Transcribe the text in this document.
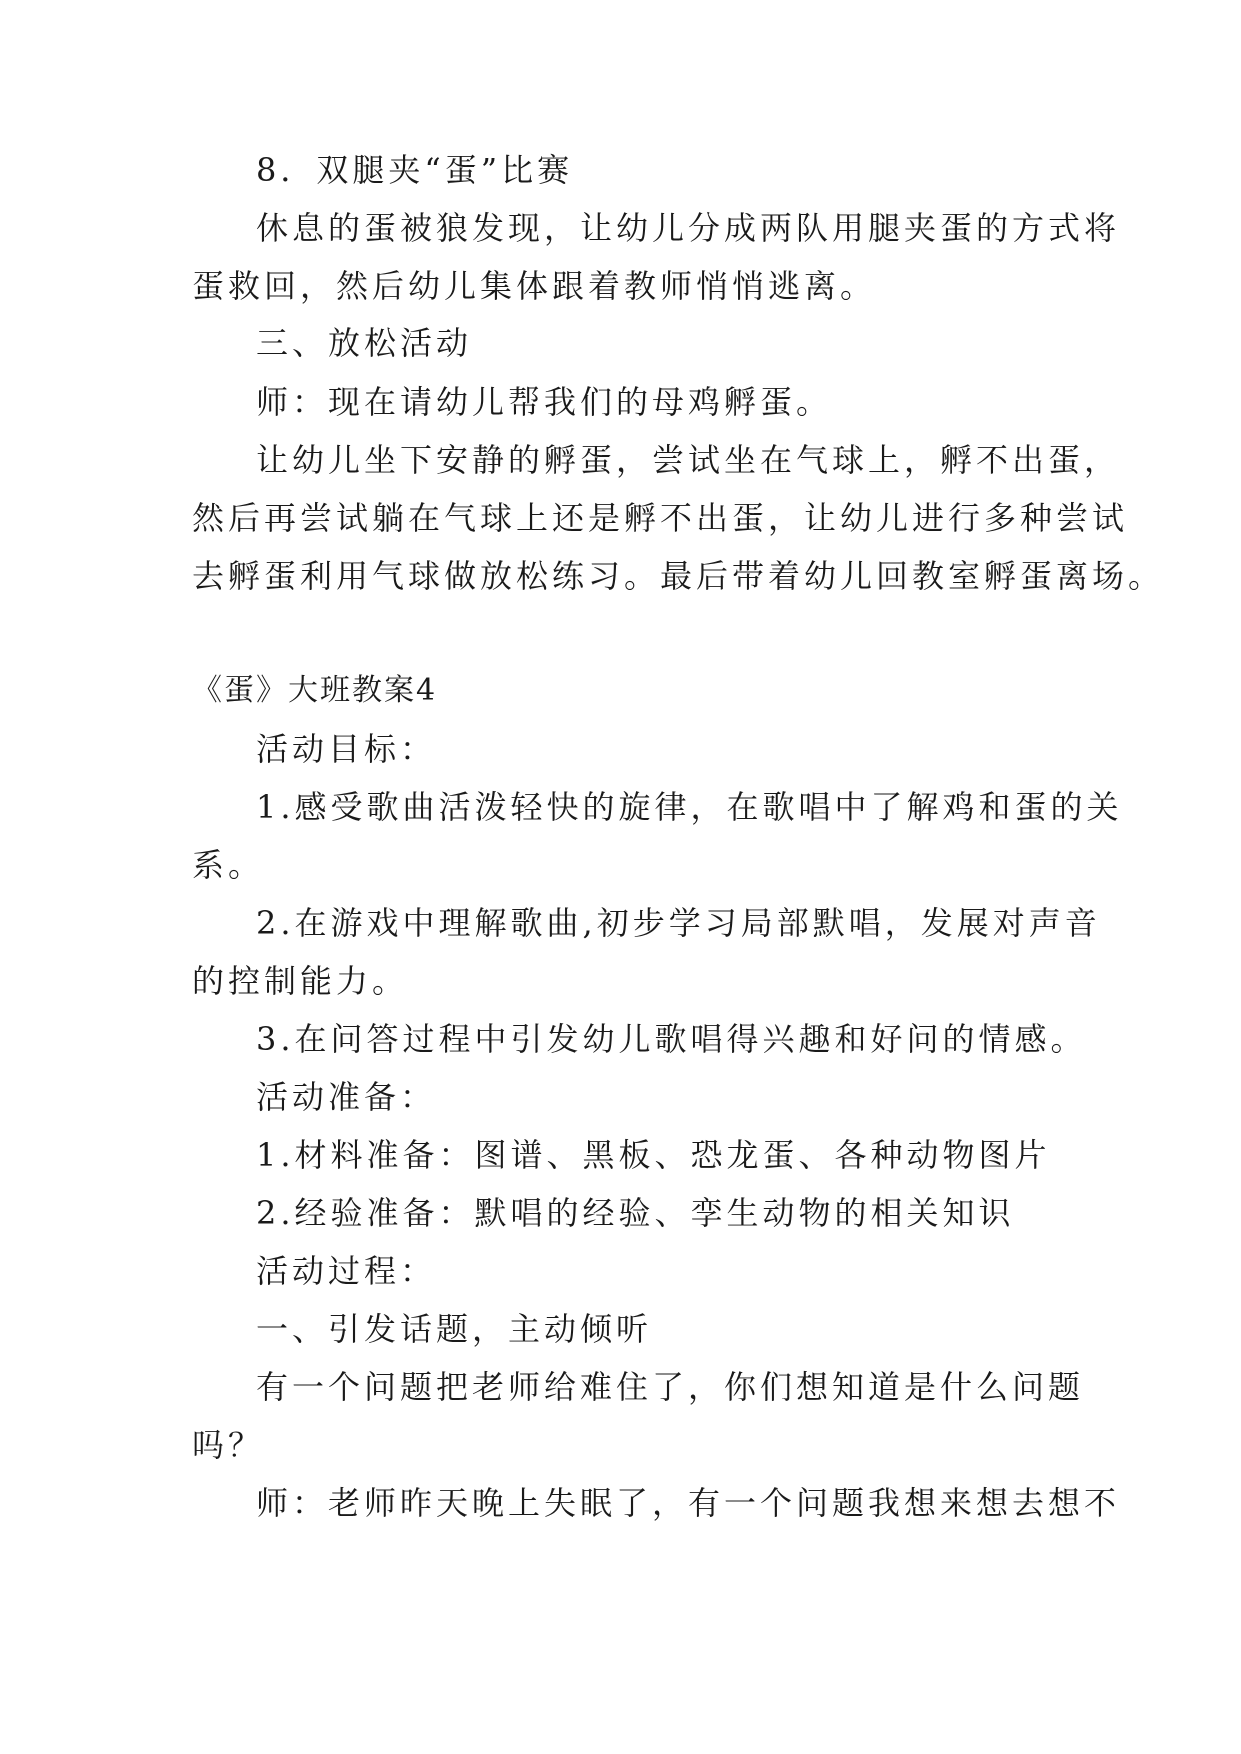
8．双腿夹“蛋”比赛
休息的蛋被狼发现，让幼儿分成两队用腿夹蛋的方式将
蛋救回，然后幼儿集体跟着教师悄悄逃离。
三、放松活动
师：现在请幼儿帮我们的母鸡孵蛋。
让幼儿坐下安静的孵蛋，尝试坐在气球上，孵不出蛋，
然后再尝试躺在气球上还是孵不出蛋，让幼儿进行多种尝试
去孵蛋利用气球做放松练习。最后带着幼儿回教室孵蛋离场。
《蛋》大班教案4
活动目标：
1.感受歌曲活泼轻快的旋律，在歌唱中了解鸡和蛋的关
系。
2.在游戏中理解歌曲,初步学习局部默唱，发展对声音
的控制能力。
3.在问答过程中引发幼儿歌唱得兴趣和好问的情感。
活动准备：
1.材料准备：图谱、黑板、恐龙蛋、各种动物图片
2.经验准备：默唱的经验、孪生动物的相关知识
活动过程：
一、引发话题，主动倾听
有一个问题把老师给难住了，你们想知道是什么问题
吗？
师：老师昨天晚上失眠了，有一个问题我想来想去想不
